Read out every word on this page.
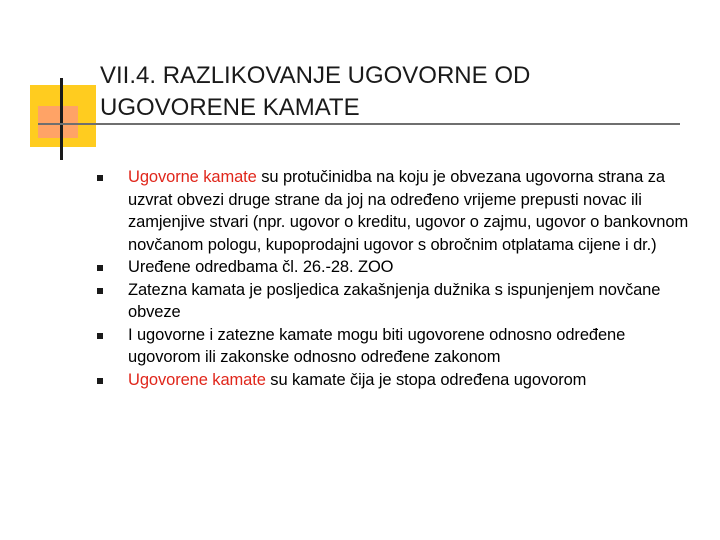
VII.4. RAZLIKOVANJE UGOVORNE OD
UGOVORENE KAMATE
Ugovorne kamate su protučinidba na koju je obvezana ugovorna strana za uzvrat obvezi druge strane da joj na određeno vrijeme prepusti novac ili zamjenjive stvari (npr. ugovor o kreditu, ugovor o zajmu, ugovor o bankovnom novčanom pologu, kupoprodajni ugovor s obročnim otplatama cijene i dr.)
Uređene odredbama čl. 26.-28. ZOO
Zatezna kamata je posljedica zakašnjenja dužnika s ispunjenjem novčane obveze
I ugovorne i zatezne kamate mogu biti ugovorene odnosno određene ugovorom ili zakonske odnosno određene zakonom
Ugovorene kamate su kamate čija je stopa određena ugovorom
